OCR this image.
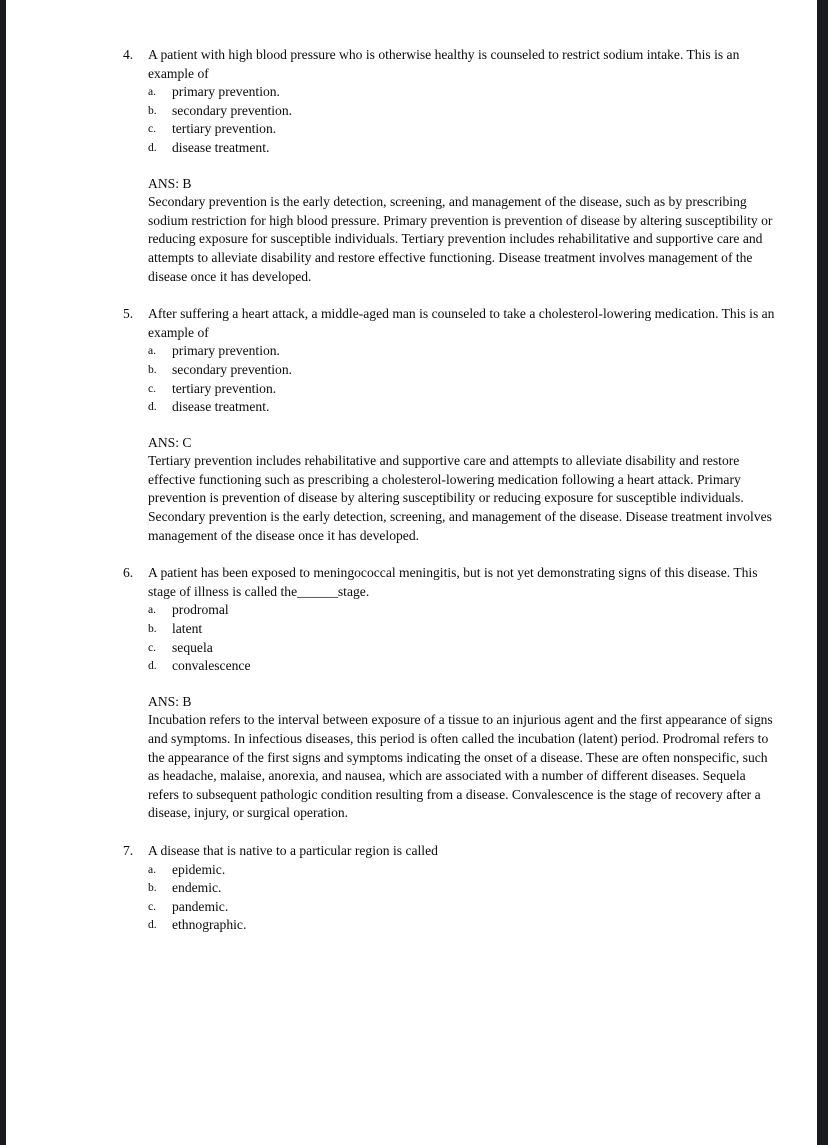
4.	A patient with high blood pressure who is otherwise healthy is counseled to restrict sodium intake. This is an example of
a.	primary prevention.
b.	secondary prevention.
c.	tertiary prevention.
d.	disease treatment.
ANS: B
Secondary prevention is the early detection, screening, and management of the disease, such as by prescribing sodium restriction for high blood pressure. Primary prevention is prevention of disease by altering susceptibility or reducing exposure for susceptible individuals. Tertiary prevention includes rehabilitative and supportive care and attempts to alleviate disability and restore effective functioning. Disease treatment involves management of the disease once it has developed.
5.	After suffering a heart attack, a middle-aged man is counseled to take a cholesterol-lowering medication. This is an example of
a.	primary prevention.
b.	secondary prevention.
c.	tertiary prevention.
d.	disease treatment.
ANS: C
Tertiary prevention includes rehabilitative and supportive care and attempts to alleviate disability and restore effective functioning such as prescribing a cholesterol-lowering medication following a heart attack. Primary prevention is prevention of disease by altering susceptibility or reducing exposure for susceptible individuals. Secondary prevention is the early detection, screening, and management of the disease. Disease treatment involves management of the disease once it has developed.
6.	A patient has been exposed to meningococcal meningitis, but is not yet demonstrating signs of this disease. This stage of illness is called the______stage.
a.	prodromal
b.	latent
c.	sequela
d.	convalescence
ANS: B
Incubation refers to the interval between exposure of a tissue to an injurious agent and the first appearance of signs and symptoms. In infectious diseases, this period is often called the incubation (latent) period. Prodromal refers to the appearance of the first signs and symptoms indicating the onset of a disease. These are often nonspecific, such as headache, malaise, anorexia, and nausea, which are associated with a number of different diseases. Sequela refers to subsequent pathologic condition resulting from a disease. Convalescence is the stage of recovery after a disease, injury, or surgical operation.
7.	A disease that is native to a particular region is called
a.	epidemic.
b.	endemic.
c.	pandemic.
d.	ethnographic.
